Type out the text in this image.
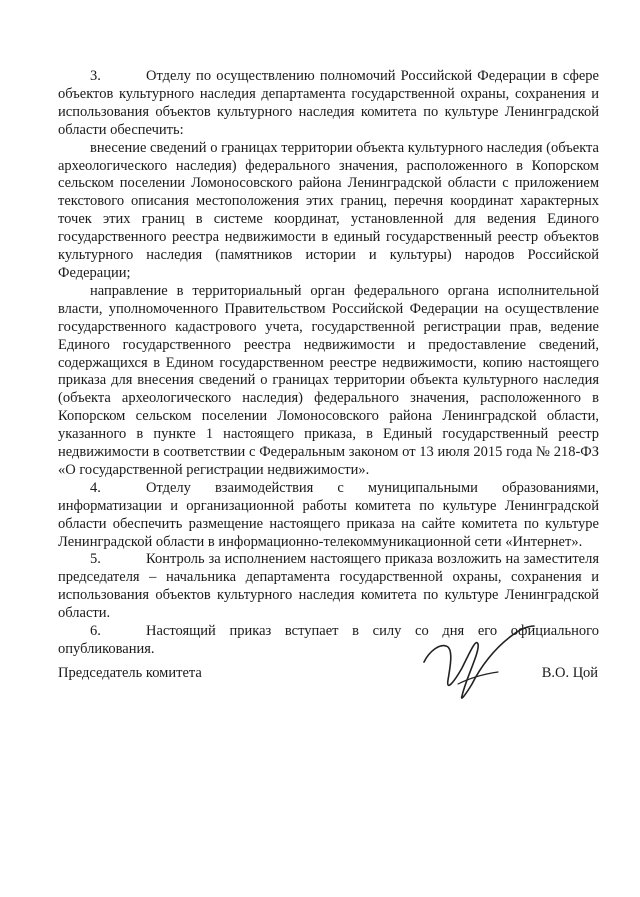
3.	Отделу по осуществлению полномочий Российской Федерации в сфере объектов культурного наследия департамента государственной охраны, сохранения и использования объектов культурного наследия комитета по культуре Ленинградской области обеспечить:

внесение сведений о границах территории объекта культурного наследия (объекта археологического наследия) федерального значения, расположенного в Копорском сельском поселении Ломоносовского района Ленинградской области с приложением текстового описания местоположения этих границ, перечня координат характерных точек этих границ в системе координат, установленной для ведения Единого государственного реестра недвижимости в единый государственный реестр объектов культурного наследия (памятников истории и культуры) народов Российской Федерации;

направление в территориальный орган федерального органа исполнительной власти, уполномоченного Правительством Российской Федерации на осуществление государственного кадастрового учета, государственной регистрации прав, ведение Единого государственного реестра недвижимости и предоставление сведений, содержащихся в Едином государственном реестре недвижимости, копию настоящего приказа для внесения сведений о границах территории объекта культурного наследия (объекта археологического наследия) федерального значения, расположенного в Копорском сельском поселении Ломоносовского района Ленинградской области, указанного в пункте 1 настоящего приказа, в Единый государственный реестр недвижимости в соответствии с Федеральным законом от 13 июля 2015 года № 218-ФЗ «О государственной регистрации недвижимости».

4.	Отделу взаимодействия с муниципальными образованиями, информатизации и организационной работы комитета по культуре Ленинградской области обеспечить размещение настоящего приказа на сайте комитета по культуре Ленинградской области в информационно-телекоммуникационной сети «Интернет».

5.	Контроль за исполнением настоящего приказа возложить на заместителя председателя – начальника департамента государственной охраны, сохранения и использования объектов культурного наследия комитета по культуре Ленинградской области.

6.	Настоящий приказ вступает в силу со дня его официального опубликования.

Председатель комитета	В.О. Цой
